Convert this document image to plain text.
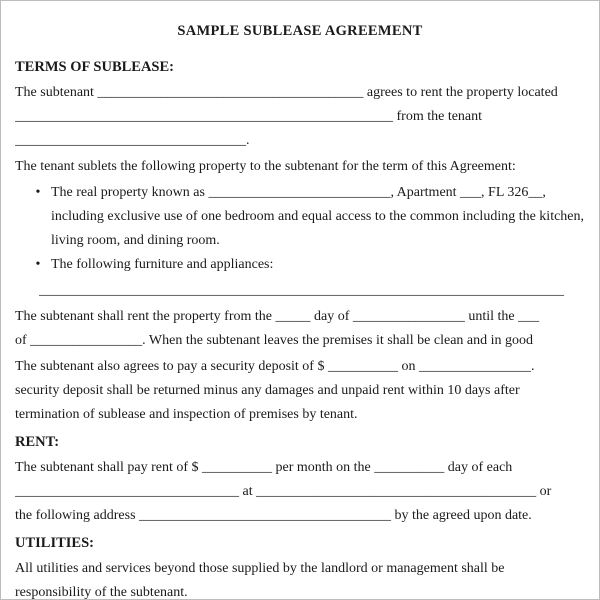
SAMPLE SUBLEASE AGREEMENT
TERMS OF SUBLEASE:
The subtenant ______________________________________ agrees to rent the property located
______________________________________________________ from the tenant
_________________________________.
The tenant sublets the following property to the subtenant for the term of this Agreement:
• The real property known as __________________________, Apartment ___, FL 326__, including exclusive use of one bedroom and equal access to the common including the kitchen, living room, and dining room.
• The following furniture and appliances:
___________________________________________________________________________
The subtenant shall rent the property from the _____ day of ________________ until the ___
of ________________. When the subtenant leaves the premises it shall be clean and in good
The subtenant also agrees to pay a security deposit of $ __________ on ________________.
security deposit shall be returned minus any damages and unpaid rent within 10 days after
termination of sublease and inspection of premises by tenant.
RENT:
The subtenant shall pay rent of $ __________ per month on the __________ day of each
________________________________ at ________________________________________ or
the following address ____________________________________ by the agreed upon date.
UTILITIES:
All utilities and services beyond those supplied by the landlord or management shall be
responsibility of the subtenant.
